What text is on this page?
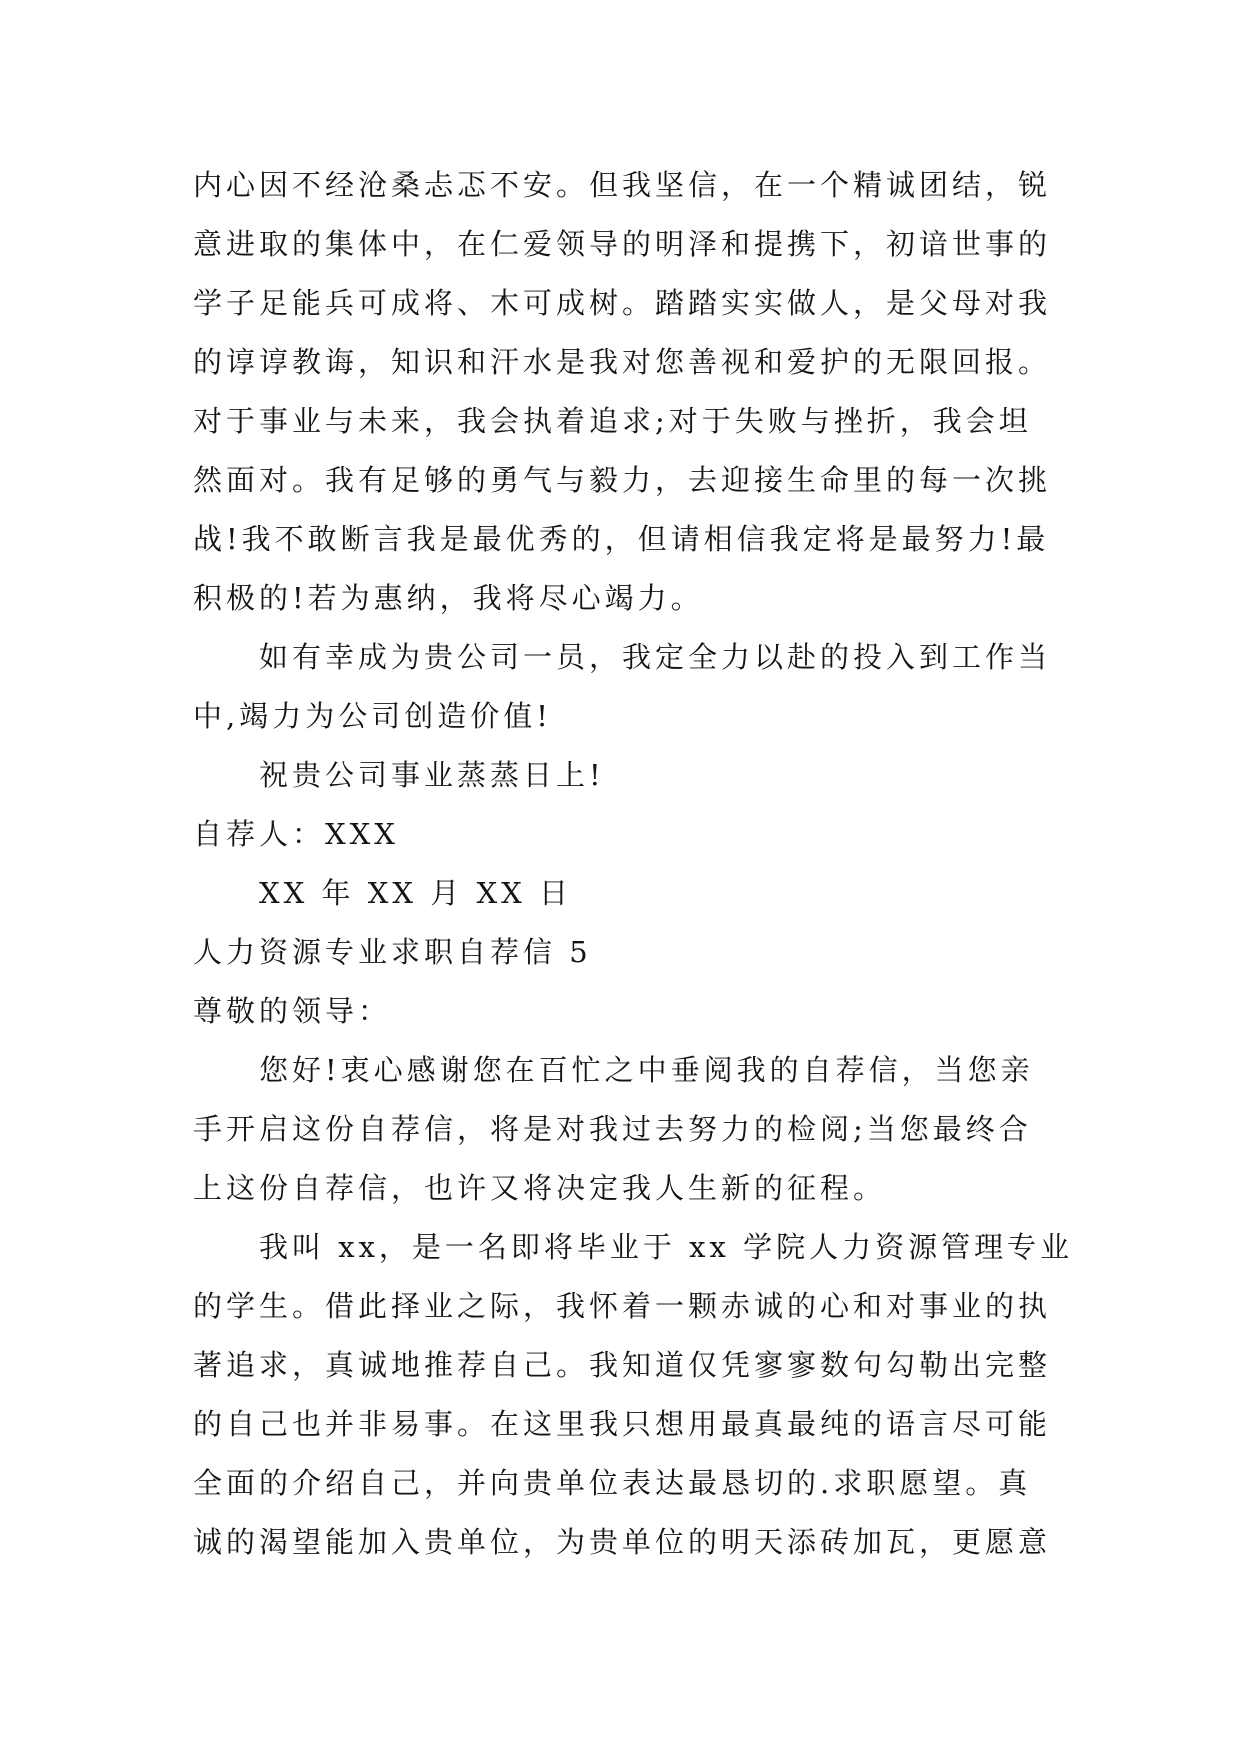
内心因不经沧桑忐忑不安。但我坚信，在一个精诚团结，锐
意进取的集体中，在仁爱领导的明泽和提携下，初谙世事的
学子足能兵可成将、木可成树。踏踏实实做人，是父母对我
的谆谆教诲，知识和汗水是我对您善视和爱护的无限回报。
对于事业与未来，我会执着追求;对于失败与挫折，我会坦
然面对。我有足够的勇气与毅力，去迎接生命里的每一次挑
战!我不敢断言我是最优秀的，但请相信我定将是最努力!最
积极的!若为惠纳，我将尽心竭力。
如有幸成为贵公司一员，我定全力以赴的投入到工作当
中,竭力为公司创造价值!
祝贵公司事业蒸蒸日上!
自荐人：XXX
XX 年 XX 月 XX 日
人力资源专业求职自荐信 5
尊敬的领导：
您好!衷心感谢您在百忙之中垂阅我的自荐信，当您亲
手开启这份自荐信，将是对我过去努力的检阅;当您最终合
上这份自荐信，也许又将决定我人生新的征程。
我叫 xx，是一名即将毕业于 xx 学院人力资源管理专业
的学生。借此择业之际，我怀着一颗赤诚的心和对事业的执
著追求，真诚地推荐自己。我知道仅凭寥寥数句勾勒出完整
的自己也并非易事。在这里我只想用最真最纯的语言尽可能
全面的介绍自己，并向贵单位表达最恳切的.求职愿望。真
诚的渴望能加入贵单位，为贵单位的明天添砖加瓦，更愿意
